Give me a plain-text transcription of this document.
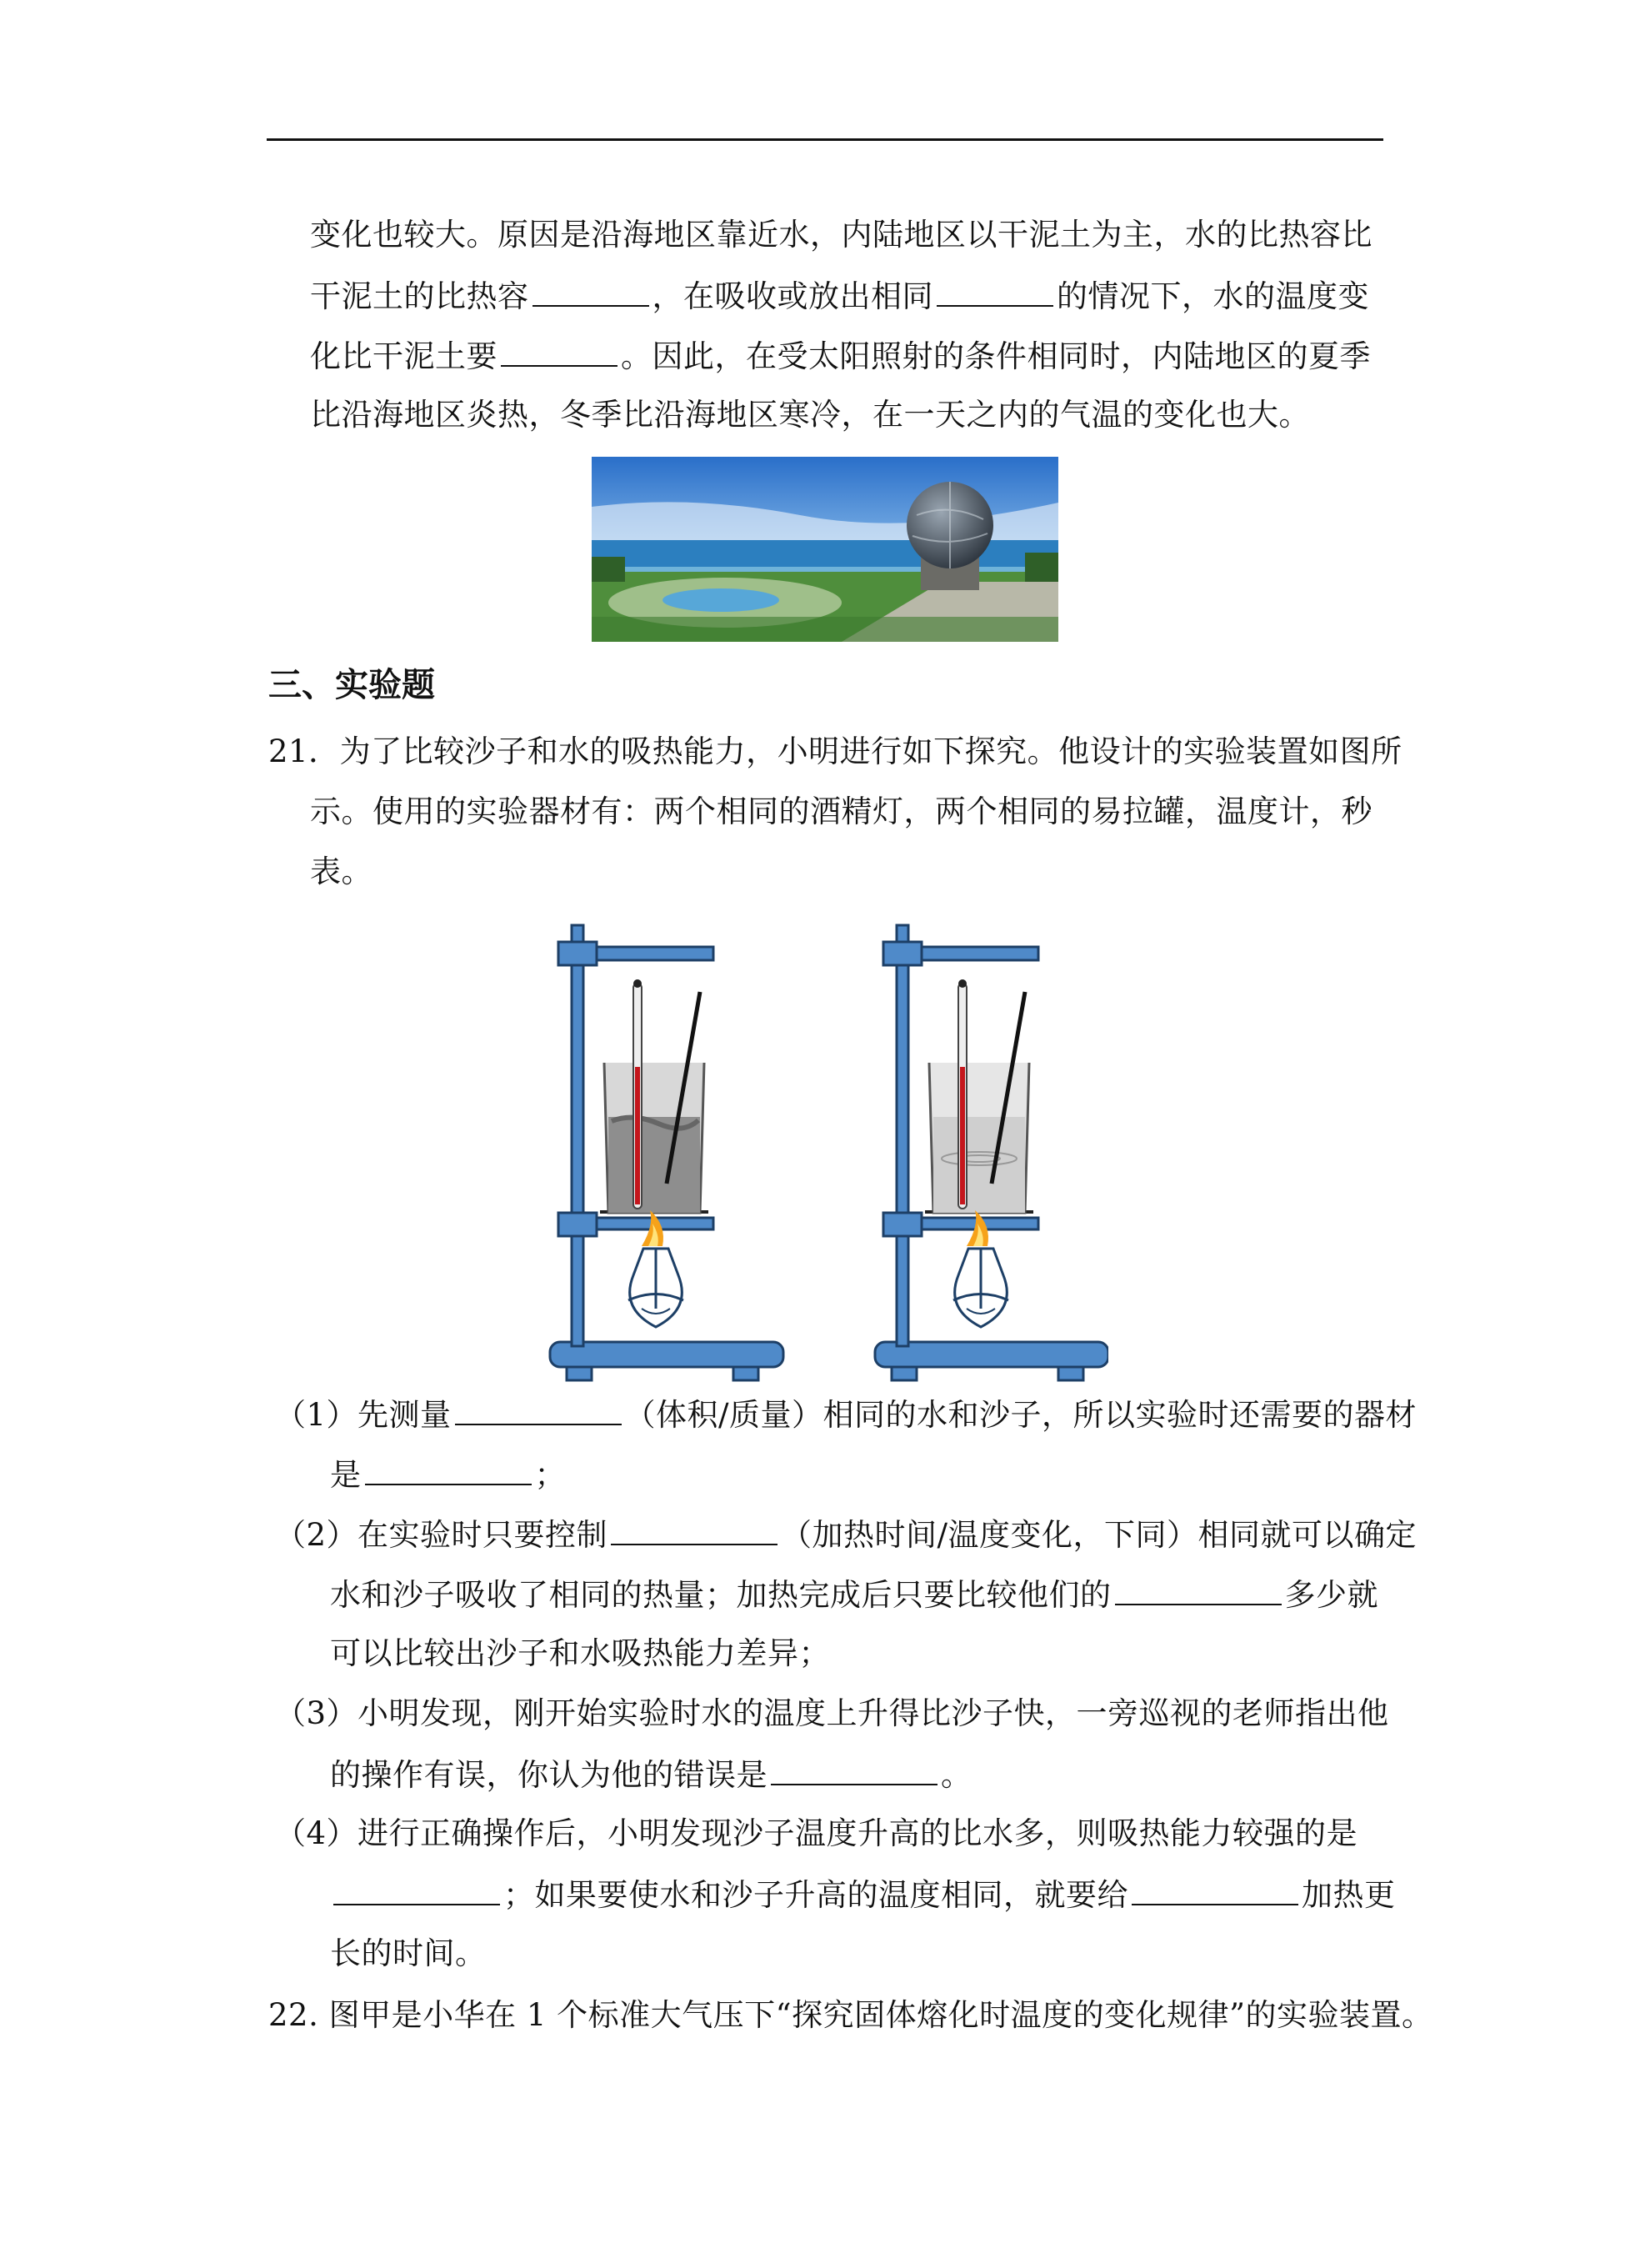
变化也较大。原因是沿海地区靠近水，内陆地区以干泥土为主，水的比热容比
干泥土的比热容	，在吸收或放出相同	的情况下，水的温度变
化比干泥土要	。因此，在受太阳照射的条件相同时，内陆地区的夏季
比沿海地区炎热，冬季比沿海地区寒冷，在一天之内的气温的变化也大。
三、实验题
21．为了比较沙子和水的吸热能力，小明进行如下探究。他设计的实验装置如图所
示。使用的实验器材有：两个相同的酒精灯，两个相同的易拉罐，温度计，秒
表。
（1）先测量	（体积/质量）相同的水和沙子，所以实验时还需要的器材
是	；
（2）在实验时只要控制	（加热时间/温度变化，下同）相同就可以确定
水和沙子吸收了相同的热量；加热完成后只要比较他们的	多少就
可以比较出沙子和水吸热能力差异；
（3）小明发现，刚开始实验时水的温度上升得比沙子快，一旁巡视的老师指出他
的操作有误，你认为他的错误是	。
（4）进行正确操作后，小明发现沙子温度升高的比水多，则吸热能力较强的是
；如果要使水和沙子升高的温度相同，就要给	加热更
长的时间。
22. 图甲是小华在 1 个标准大气压下“探究固体熔化时温度的变化规律”的实验装置。
